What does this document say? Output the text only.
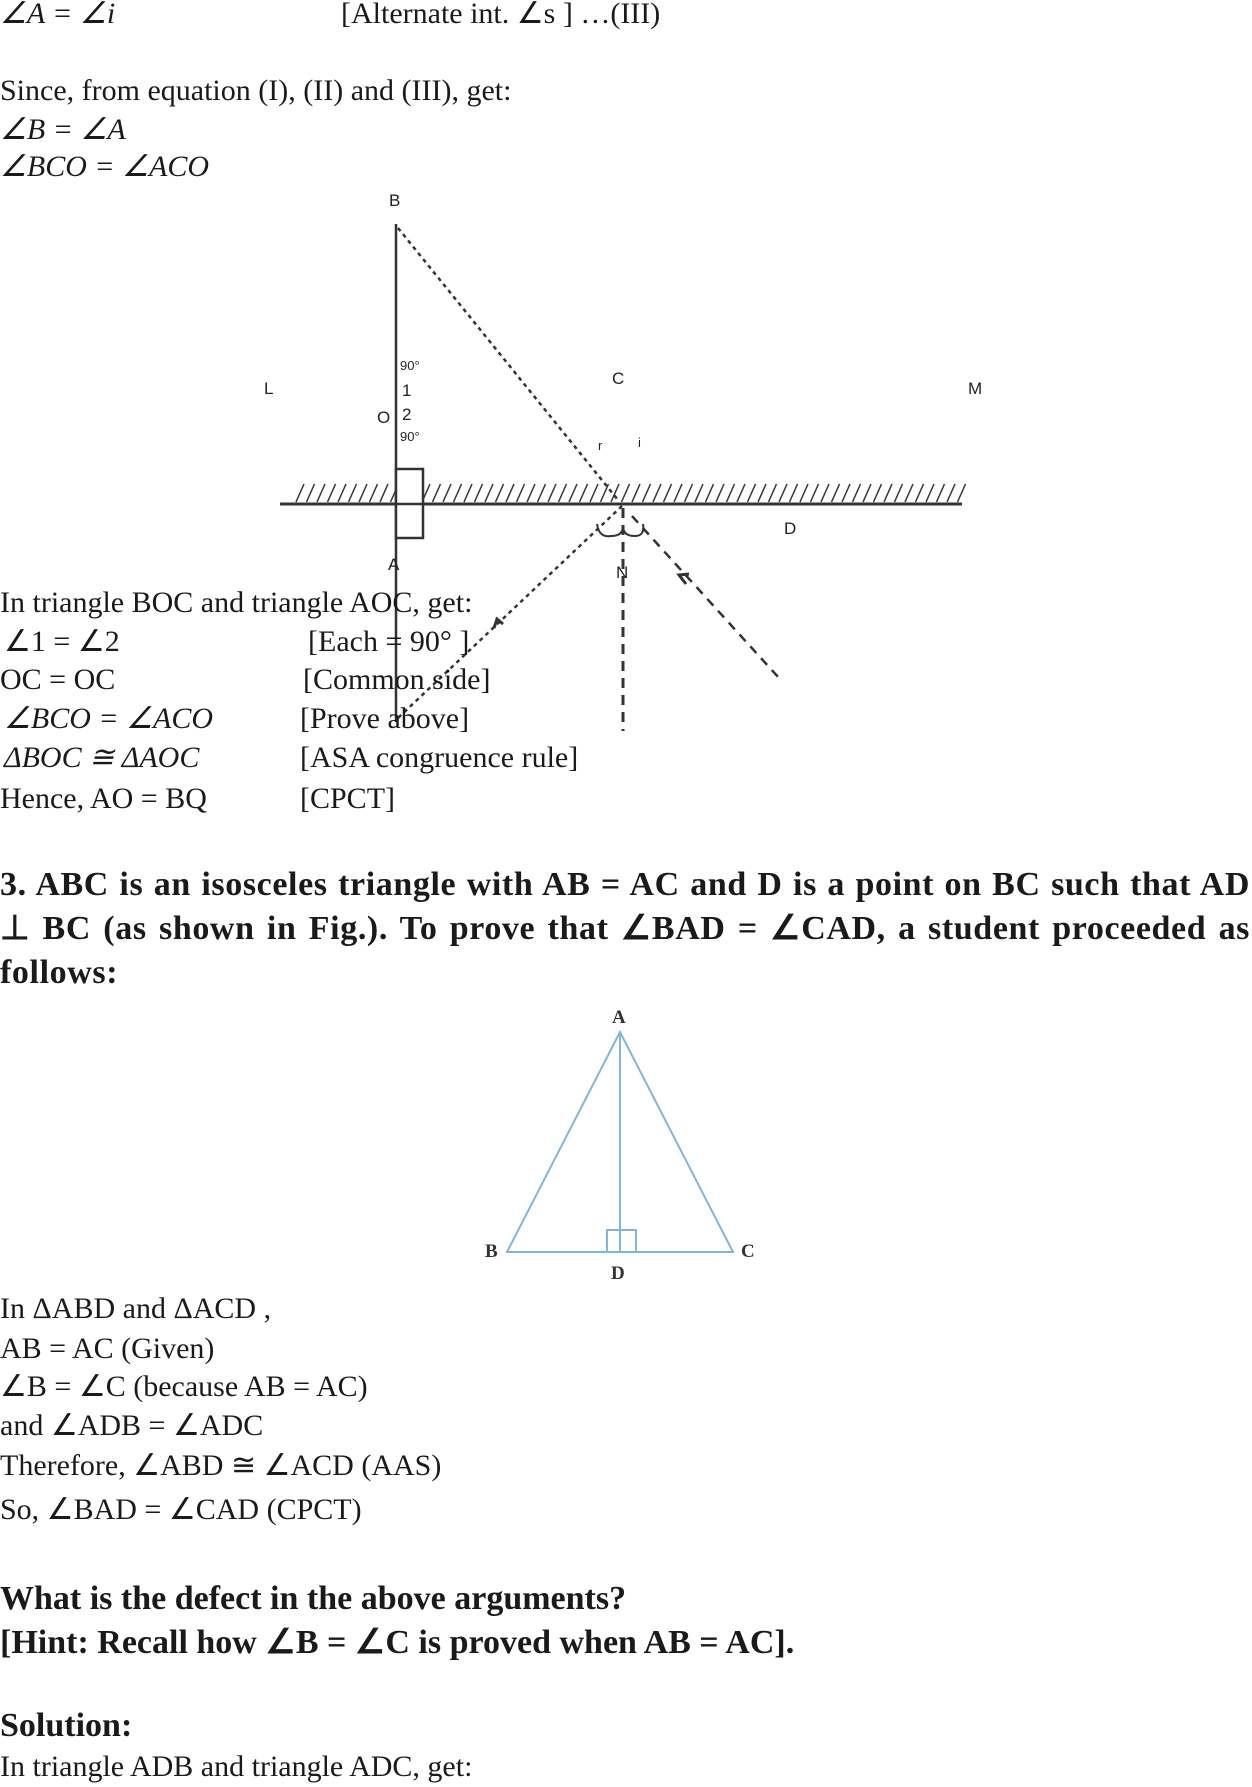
∠A = ∠i	[Alternate int. ∠s ] …(III)
Since, from equation (I), (II) and (III), get:
∠B = ∠A
∠BCO = ∠ACO
B
C
L	M
O
A
D
N
1
2
90°
90°
r	i
A
B	C
D
In triangle BOC and triangle AOC, get:
∠1 = ∠2	[Each = 90° ]
OC = OC	[Common side]
∠BCO = ∠ACO	[Prove above]
ΔBOC ≅ ΔAOC	[ASA congruence rule]
Hence, AO = BQ	[CPCT]
3. ABC is an isosceles triangle with AB = AC and D is a point on BC such that AD ⊥ BC (as shown in Fig.). To prove that ∠BAD = ∠CAD, a student proceeded as follows:
In ΔABD and ΔACD ,
AB = AC (Given)
∠B = ∠C (because AB = AC)
and ∠ADB = ∠ADC
Therefore, ∠ABD ≅ ∠ACD (AAS)
So, ∠BAD = ∠CAD (CPCT)
What is the defect in the above arguments?
[Hint: Recall how ∠B = ∠C is proved when AB = AC].
Solution:
In triangle ADB and triangle ADC, get:
